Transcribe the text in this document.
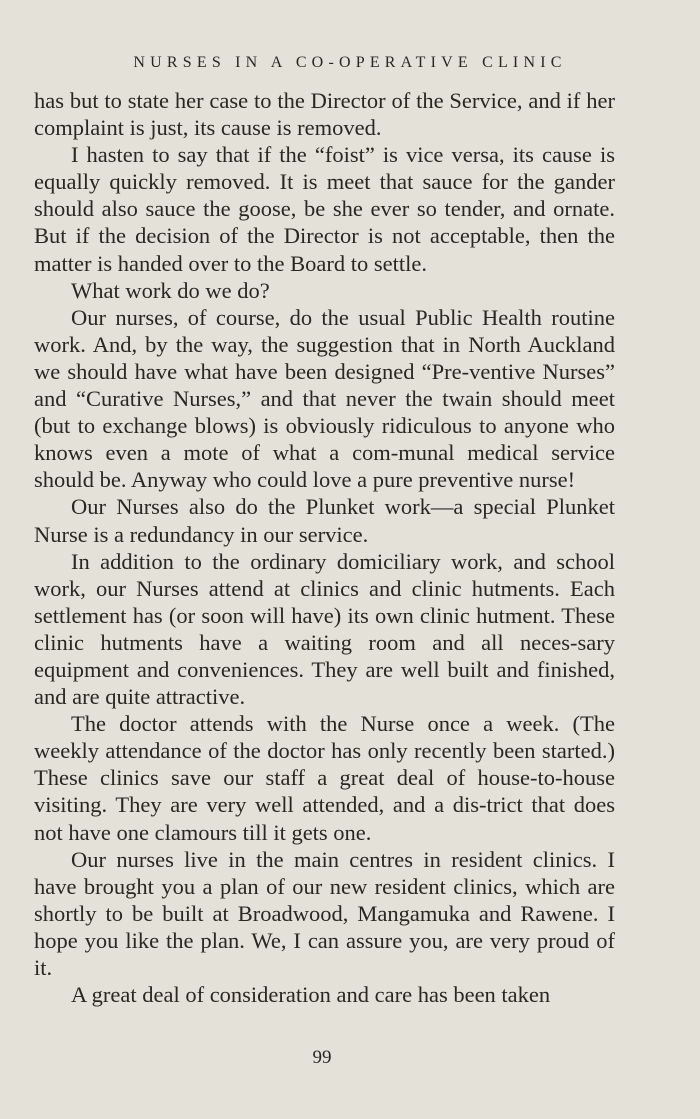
NURSES IN A CO-OPERATIVE CLINIC

has but to state her case to the Director of the Service, and if her complaint is just, its cause is removed.

I hasten to say that if the “foist” is vice versa, its cause is equally quickly removed. It is meet that sauce for the gander should also sauce the goose, be she ever so tender, and ornate. But if the decision of the Director is not acceptable, then the matter is handed over to the Board to settle.

What work do we do?

Our nurses, of course, do the usual Public Health routine work. And, by the way, the suggestion that in North Auckland we should have what have been designed “Pre-ventive Nurses” and “Curative Nurses,” and that never the twain should meet (but to exchange blows) is obviously ridiculous to anyone who knows even a mote of what a com-munal medical service should be. Anyway who could love a pure preventive nurse!

Our Nurses also do the Plunket work—a special Plunket Nurse is a redundancy in our service.

In addition to the ordinary domiciliary work, and school work, our Nurses attend at clinics and clinic hutments. Each settlement has (or soon will have) its own clinic hutment. These clinic hutments have a waiting room and all neces-sary equipment and conveniences. They are well built and finished, and are quite attractive.

The doctor attends with the Nurse once a week. (The weekly attendance of the doctor has only recently been started.) These clinics save our staff a great deal of house-to-house visiting. They are very well attended, and a dis-trict that does not have one clamours till it gets one.

Our nurses live in the main centres in resident clinics. I have brought you a plan of our new resident clinics, which are shortly to be built at Broadwood, Mangamuka and Rawene. I hope you like the plan. We, I can assure you, are very proud of it.

A great deal of consideration and care has been taken

99
